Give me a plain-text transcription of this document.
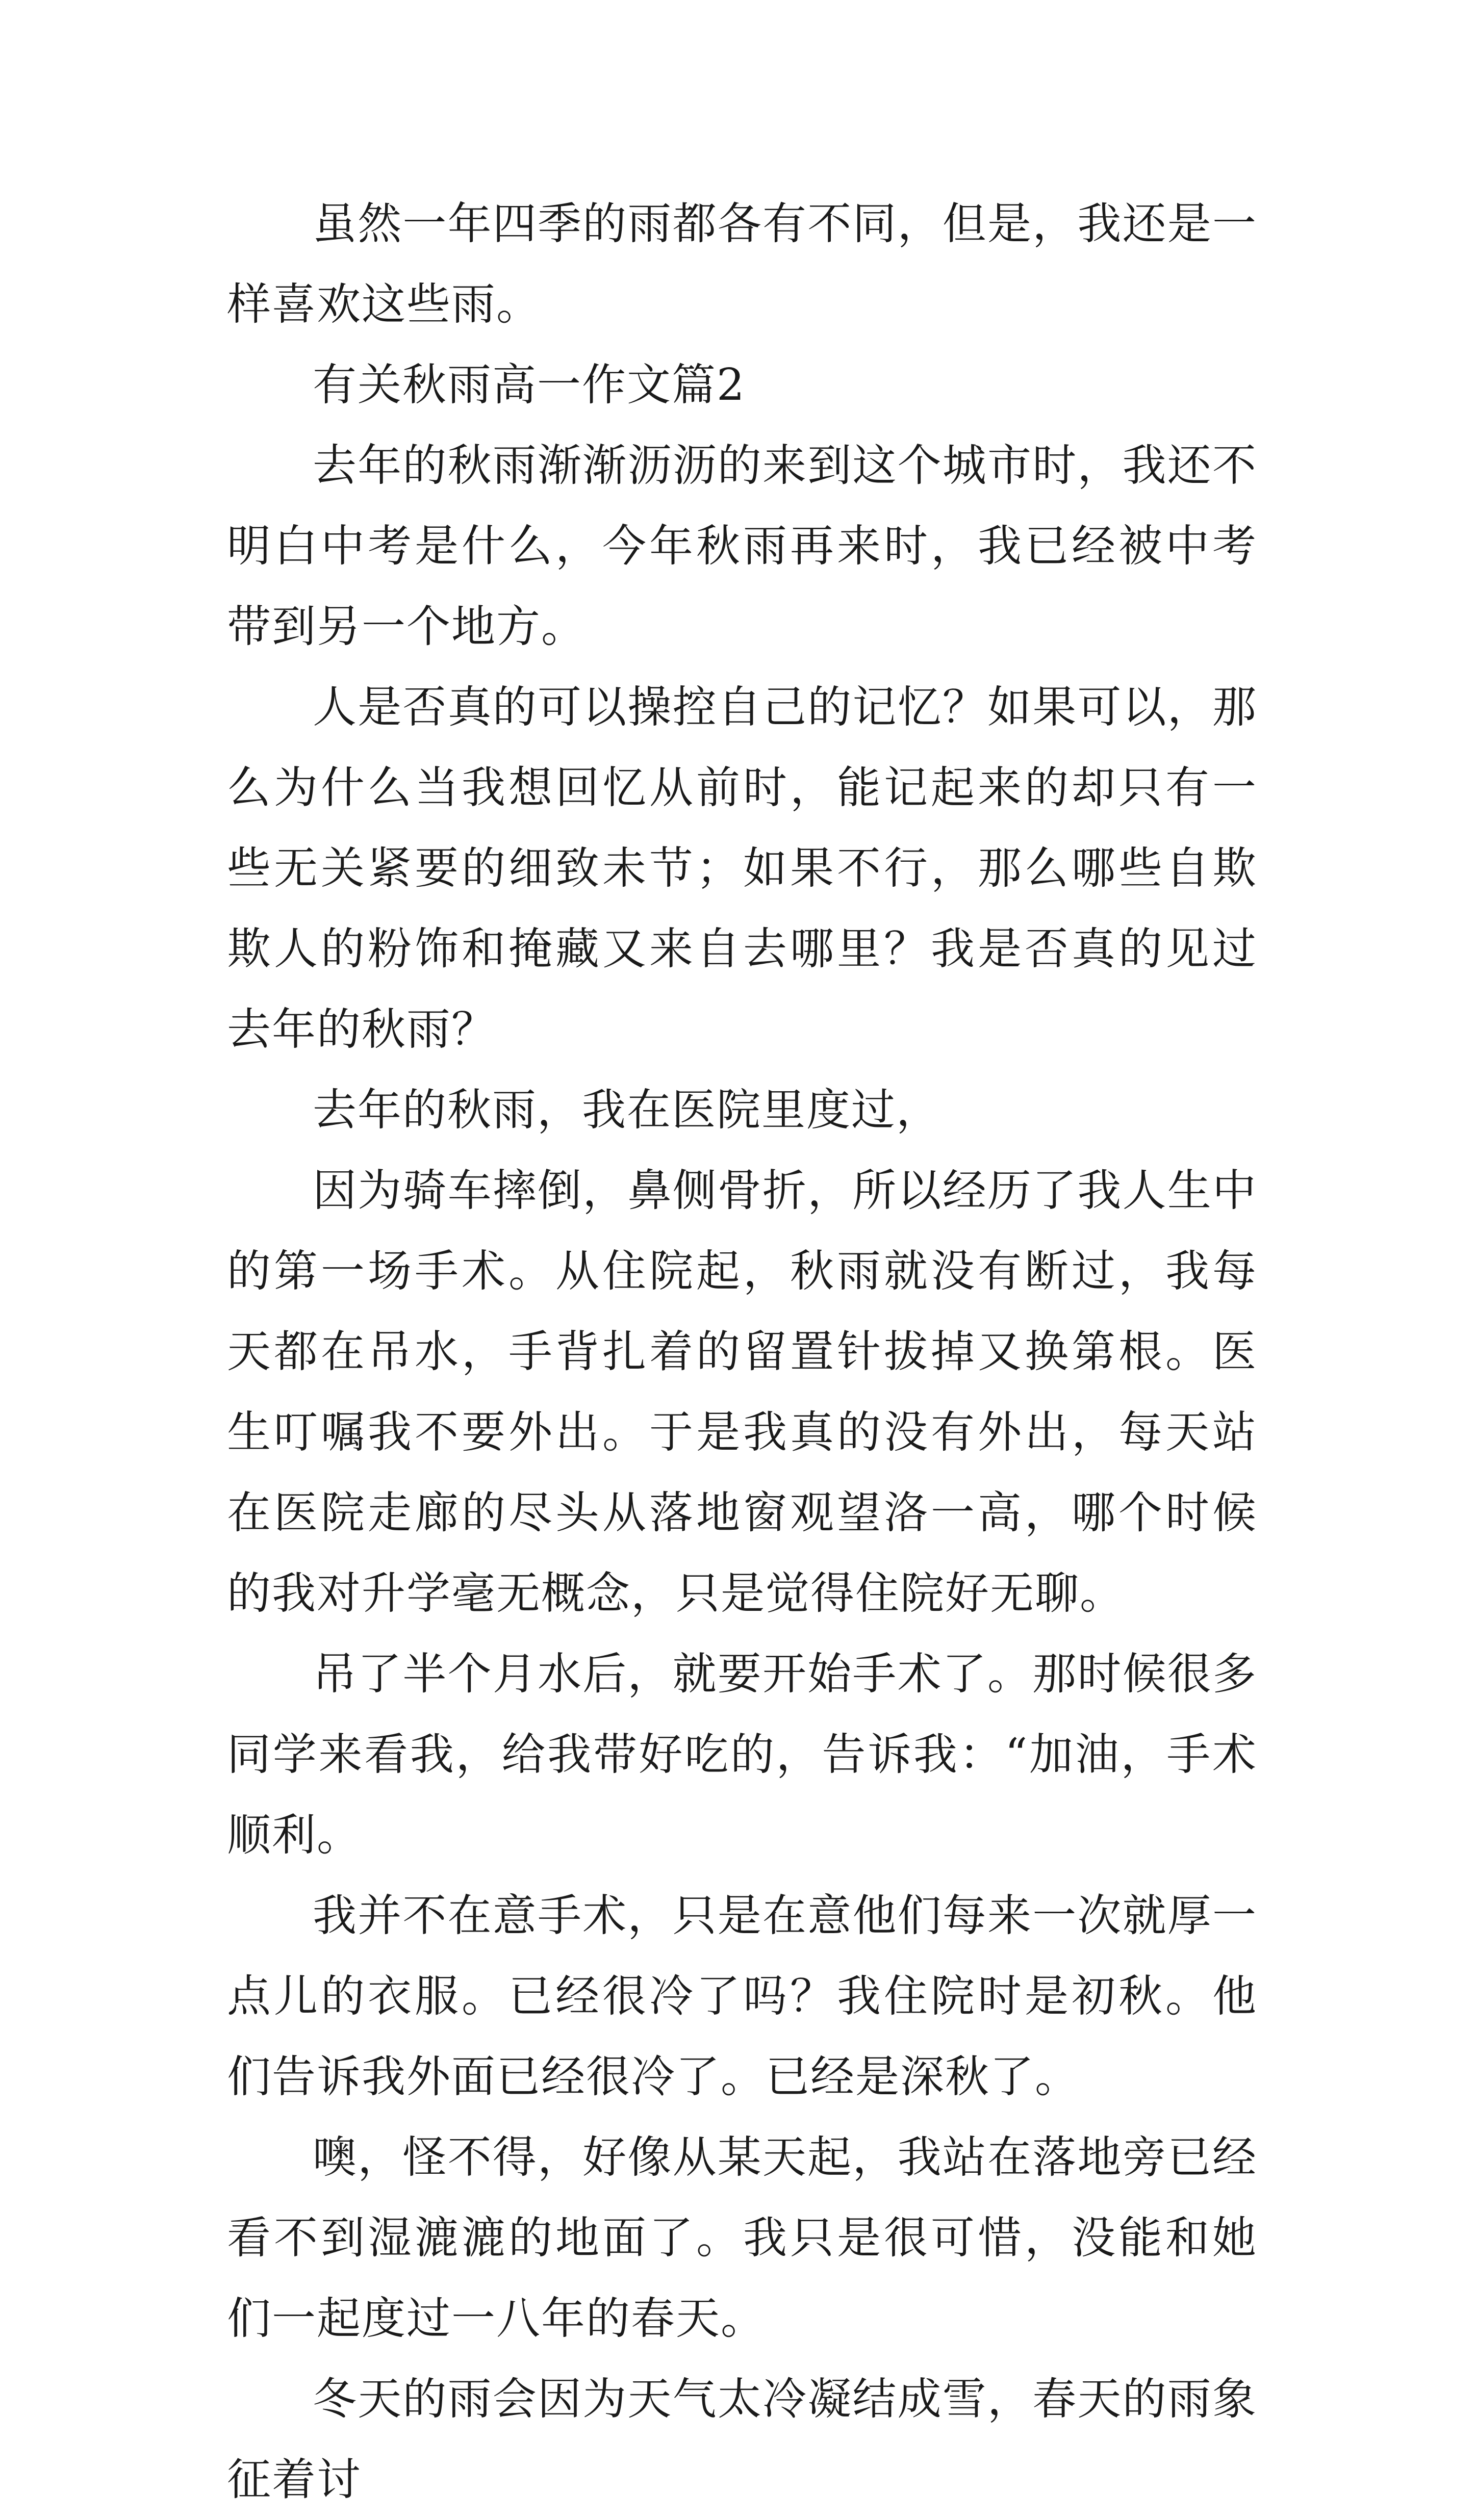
虽然一年四季的雨都各有不同，但是，我还是一样喜欢这些雨。

有关秋雨高一作文篇2

去年的秋雨渐渐沥沥的来到这个城市时，我还不明白中考是什么，今年秋雨再来时，我已经被中考带到另一个地方。

人是否真的可以操控自己的记忆？如果可以，那么为什么当我想回忆从前时，能记起来的却只有一些无关紧要的细致未节；如果不行，那么哪些自欺欺人的粉饰和掩藏又来自去哪里？我是否真的见过去年的秋雨？

去年的秋雨，我在医院里度过，

因为骑车摔倒，鼻侧骨折，所以经历了我人生中的第一场手术。从住院起，秋雨就没有断过，我每天都在吊水，手背扎着的留置针拔掉又换第根。医生叮嘱我不要外出。于是我真的没有外出，每天站在医院走廊的尽头从落地窗观望洛一高，哪个时候的我对升学毫无概念，只是觉得住院好无聊。

吊了半个月水后，就要开始手术了。那时候很多同学来看我，给我带好吃的，告诉我：“加油，手术顺利。

我并不在意手术，只是在意他们每来一次就厚一点儿的衣服。已经很冷了吗？我住院时是初秋。他们告诉我外面已经很冷了。已经是深秋了。

噢，怪不得，好像从某天起，我站在落地旁已经看不到湿漉漉的地面了。我只是很可惜，没能和她们一起度过一八年的春天。

冬天的雨会因为天气太冷凝结成雪，春天的雨象征着讨
